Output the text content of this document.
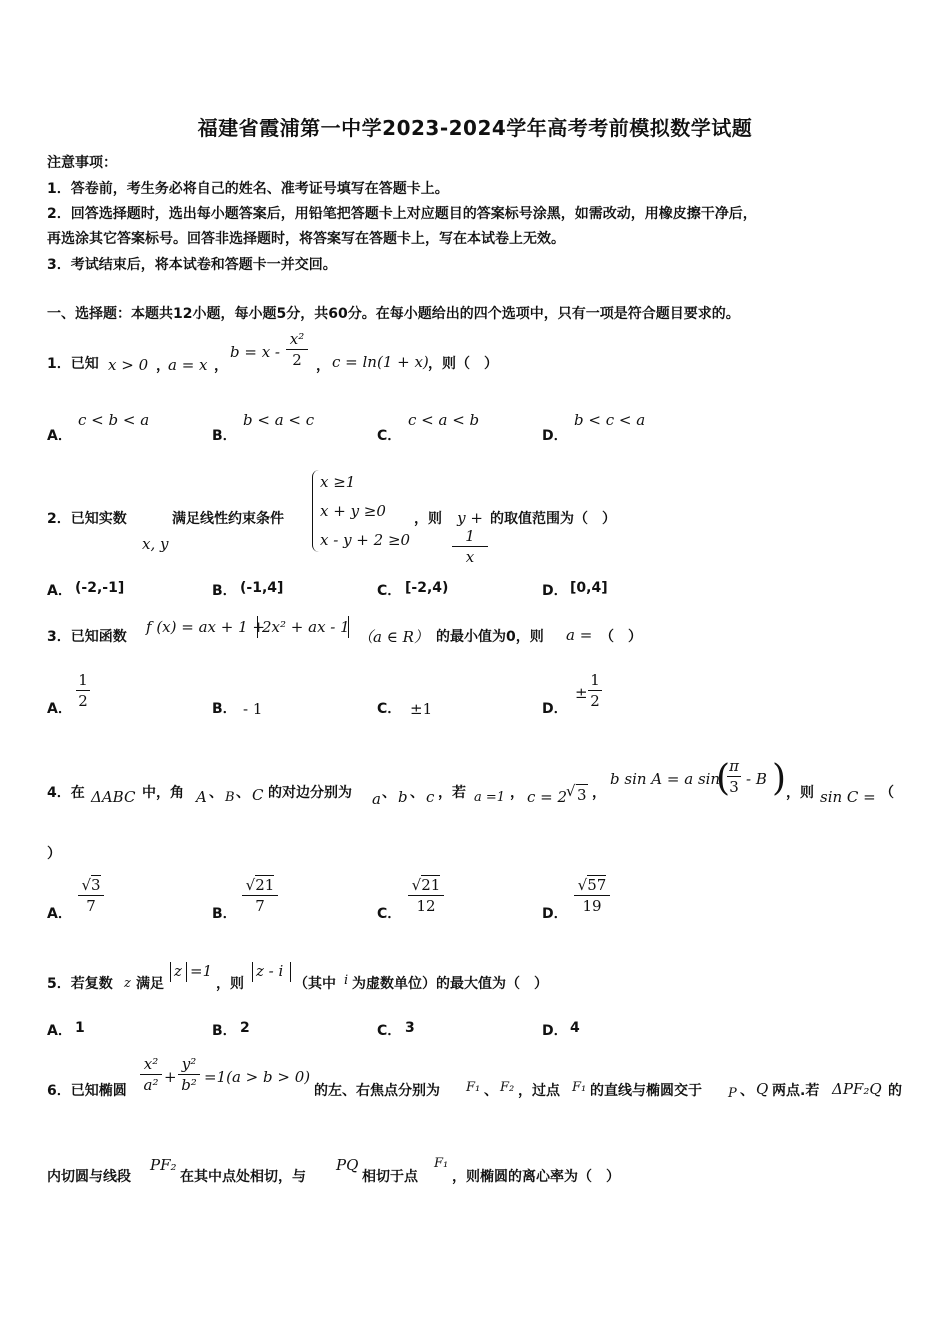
福建省霞浦第一中学2023-2024学年高考考前模拟数学试题
注意事项：
1．答卷前，考生务必将自己的姓名、准考证号填写在答题卡上。
2．回答选择题时，选出每小题答案后，用铅笔把答题卡上对应题目的答案标号涂黑，如需改动，用橡皮擦干净后，
再选涂其它答案标号。回答非选择题时，将答案写在答题卡上，写在本试卷上无效。
3．考试结束后，将本试卷和答题卡一并交回。
一、选择题：本题共12小题，每小题5分，共60分。在每小题给出的四个选项中，只有一项是符合题目要求的。
1．已知 x > 0 ，
a = x ，
b = x -
x²
2	， c = ln(1 + x) ，则（　）
A．
c < b < a
B．
b < a < c
C．
c < a < b
D．
b < c < a
2．已知实数
x, y
满足线性约束条件
x ≥1
x + y ≥0
x - y + 2 ≥0
，则	y + 1
x
的取值范围为（　）
A． (-2,-1]	B． (-1,4]	C． [-2,4)	D． [0,4]
3．已知函数
f (x) = ax + 1 +
2x² + ax - 1
（a ∈ R） 的最小值为0，则 a = （　）
A．
1
2	B． - 1	C． ±1	D．
±
1
2
4．在 ΔABC 中，角 A 、 B 、 C 的对边分别为 a 、 b 、 c ，若 a =1 ， c = 2
√ 3 ，
b sin A = a sin
( π
3 - B ) ，则 sin C = （
）
A．
√3
7	B．
√21
7	C．
√21
12	D．
√57
19
5．若复数 z 满足
z =1
，则
z - i
（其中 i 为虚数单位）的最大值为（　）
A． 1	B． 2	C． 3	D． 4
6．已知椭圆
x²
a² +
y²
b² =1(a > b > 0)
的左、右焦点分别为 F₁ 、 F₂ ，过点 F₁ 的直线与椭圆交于 P 、 Q 两点.若 ΔPF₂Q 的
内切圆与线段
PF₂
在其中点处相切，与
PQ
相切于点
F₁
，则椭圆的离心率为（　）
